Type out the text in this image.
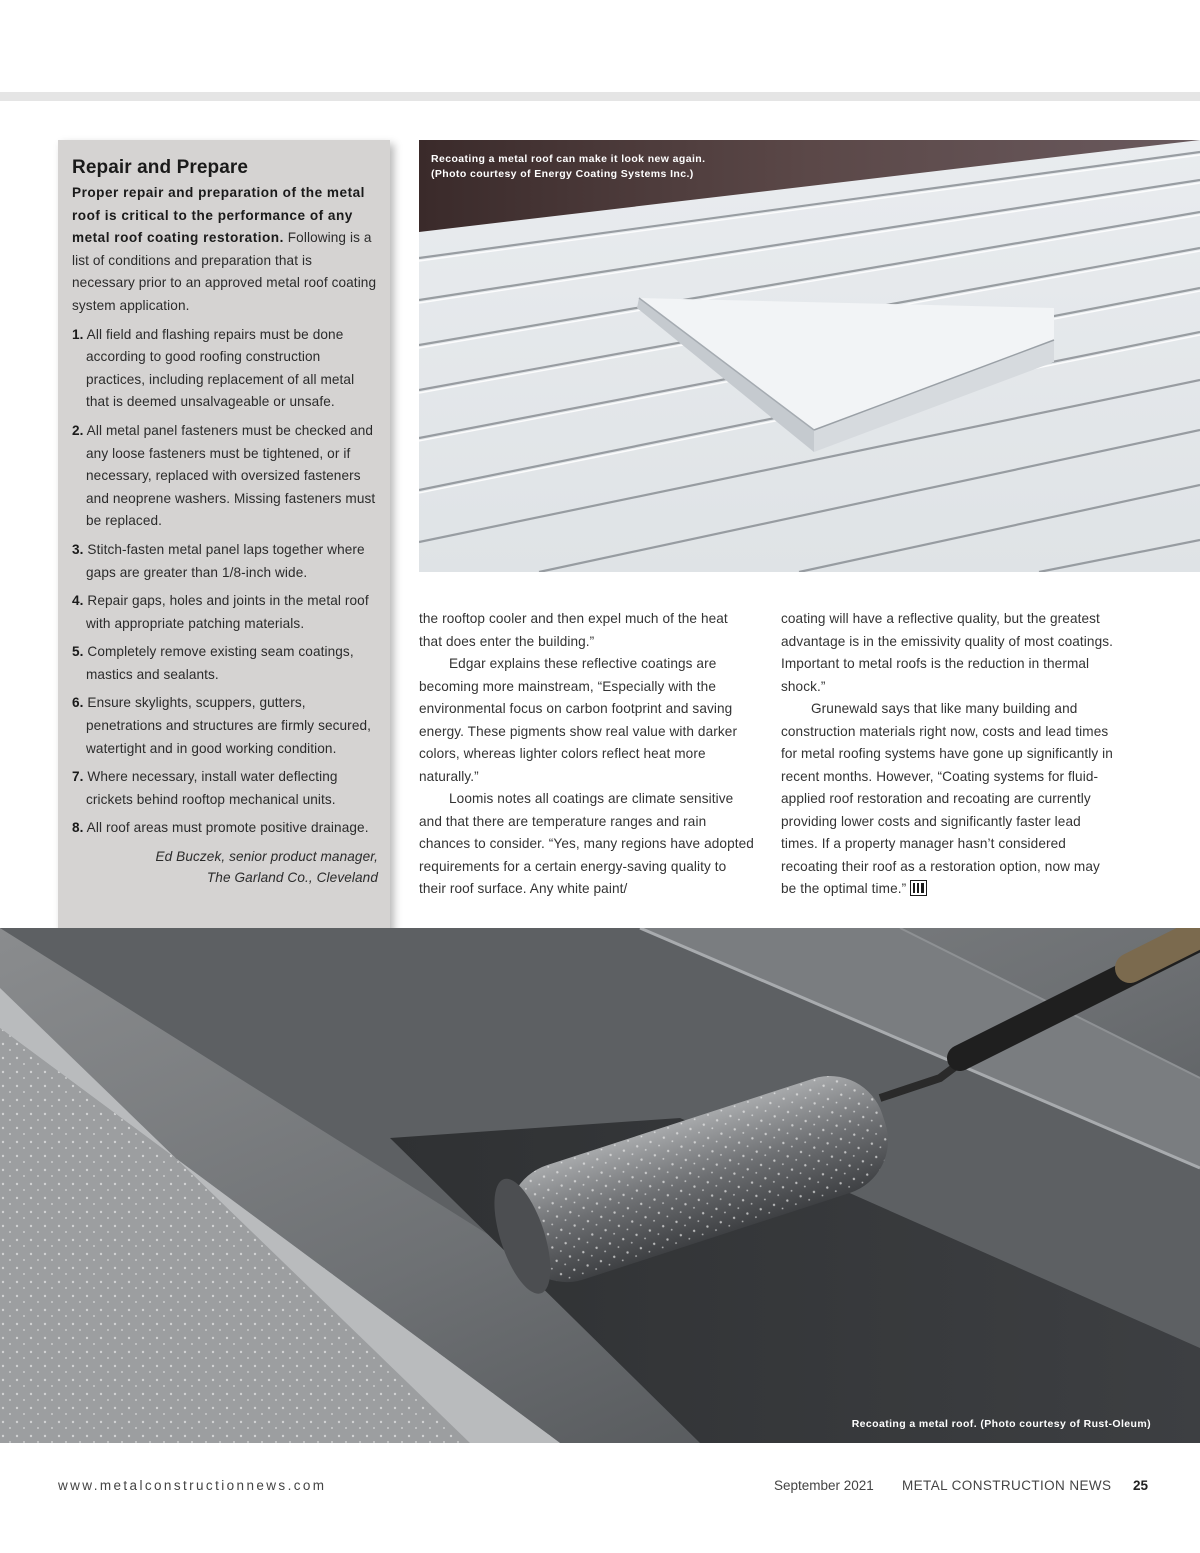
Repair and Prepare

Proper repair and preparation of the metal roof is critical to the performance of any metal roof coating restoration. Following is a list of conditions and preparation that is necessary prior to an approved metal roof coating system application.

1. All field and flashing repairs must be done according to good roofing construction practices, including replacement of all metal that is deemed unsalvageable or unsafe.
2. All metal panel fasteners must be checked and any loose fasteners must be tightened, or if necessary, replaced with oversized fasteners and neoprene washers. Missing fasteners must be replaced.
3. Stitch-fasten metal panel laps together where gaps are greater than 1/8-inch wide.
4. Repair gaps, holes and joints in the metal roof with appropriate patching materials.
5. Completely remove existing seam coatings, mastics and sealants.
6. Ensure skylights, scuppers, gutters, penetrations and structures are firmly secured, watertight and in good working condition.
7. Where necessary, install water deflecting crickets behind rooftop mechanical units.
8. All roof areas must promote positive drainage.

Ed Buczek, senior product manager,
The Garland Co., Cleveland

Recoating a metal roof can make it look new again.
(Photo courtesy of Energy Coating Systems Inc.)

the rooftop cooler and then expel much of the heat that does enter the building.”

Edgar explains these reflective coatings are becoming more mainstream, “Especially with the environmental focus on carbon footprint and saving energy. These pigments show real value with darker colors, whereas lighter colors reflect heat more naturally.”

Loomis notes all coatings are climate sensitive and that there are temperature ranges and rain chances to consider. “Yes, many regions have adopted requirements for a certain energy-saving quality to their roof surface. Any white paint/

coating will have a reflective quality, but the greatest advantage is in the emissivity quality of most coatings. Important to metal roofs is the reduction in thermal shock.”

Grunewald says that like many building and construction materials right now, costs and lead times for metal roofing systems have gone up significantly in recent months. However, “Coating systems for fluid-applied roof restoration and recoating are currently providing lower costs and significantly faster lead times. If a property manager hasn’t considered recoating their roof as a restoration option, now may be the optimal time.”

Recoating a metal roof. (Photo courtesy of Rust-Oleum)
www.metalconstructionnews.com	September 2021 METAL CONSTRUCTION NEWS 25
